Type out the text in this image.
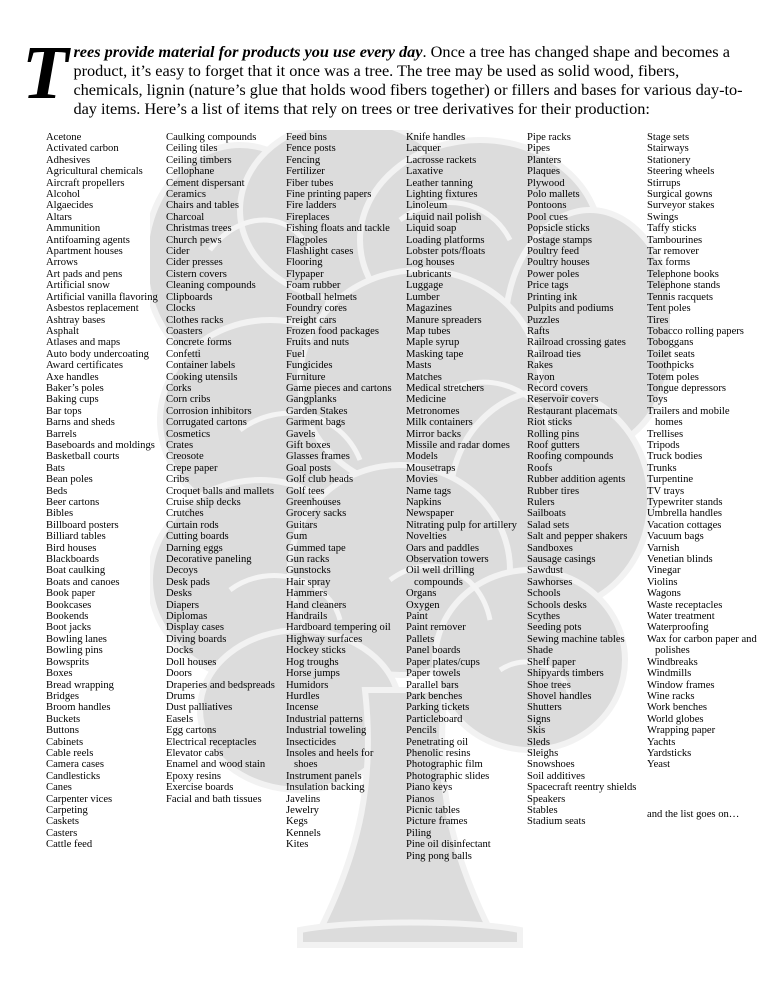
Trees provide material for products you use every day. Once a tree has changed shape and becomes a product, it’s easy to forget that it once was a tree. The tree may be used as solid wood, fibers, chemicals, lignin (nature’s glue that holds wood fibers together) or fillers and bases for various day-to-day items. Here’s a list of items that rely on trees or tree derivatives for their production:
Acetone
Activated carbon
Adhesives
Agricultural chemicals
Aircraft propellers
Alcohol
Algaecides
Altars
Ammunition
Antifoaming agents
Apartment houses
Arrows
Art pads and pens
Artificial snow
Artificial vanilla flavoring
Asbestos replacement
Ashtray bases
Asphalt
Atlases and maps
Auto body undercoating
Award certificates
Axe handles
Baker’s poles
Baking cups
Bar tops
Barns and sheds
Barrels
Baseboards and moldings
Basketball courts
Bats
Bean poles
Beds
Beer cartons
Bibles
Billboard posters
Billiard tables
Bird houses
Blackboards
Boat caulking
Boats and canoes
Book paper
Bookcases
Bookends
Boot jacks
Bowling lanes
Bowling pins
Bowsprits
Boxes
Bread wrapping
Bridges
Broom handles
Buckets
Buttons
Cabinets
Cable reels
Camera cases
Candlesticks
Canes
Carpenter vices
Carpeting
Caskets
Casters
Cattle feed
Caulking compounds
Ceiling tiles
Ceiling timbers
Cellophane
Cement dispersant
Ceramics
Chairs and tables
Charcoal
Christmas trees
Church pews
Cider
Cider presses
Cistern covers
Cleaning compounds
Clipboards
Clocks
Clothes racks
Coasters
Concrete forms
Confetti
Container labels
Cooking utensils
Corks
Corn cribs
Corrosion inhibitors
Corrugated cartons
Cosmetics
Crates
Creosote
Crepe paper
Cribs
Croquet balls and mallets
Cruise ship decks
Crutches
Curtain rods
Cutting boards
Darning eggs
Decorative paneling
Decoys
Desk pads
Desks
Diapers
Diplomas
Display cases
Diving boards
Docks
Doll houses
Doors
Draperies and bedspreads
Drums
Dust palliatives
Easels
Egg cartons
Electrical receptacles
Elevator cabs
Enamel and wood stain
Epoxy resins
Exercise boards
Facial and bath tissues
Feed bins
Fence posts
Fencing
Fertilizer
Fiber tubes
Fine printing papers
Fire ladders
Fireplaces
Fishing floats and tackle
Flagpoles
Flashlight cases
Flooring
Flypaper
Foam rubber
Football helmets
Foundry cores
Freight cars
Frozen food packages
Fruits and nuts
Fuel
Fungicides
Furniture
Game pieces and cartons
Gangplanks
Garden Stakes
Garment bags
Gavels
Gift boxes
Glasses frames
Goal posts
Golf club heads
Golf tees
Greenhouses
Grocery sacks
Guitars
Gum
Gummed tape
Gun racks
Gunstocks
Hair spray
Hammers
Hand cleaners
Handrails
Hardboard tempering oil
Highway surfaces
Hockey sticks
Hog troughs
Horse jumps
Humidors
Hurdles
Incense
Industrial patterns
Industrial toweling
Insecticides
Insoles and heels for shoes
Instrument panels
Insulation backing
Javelins
Jewelry
Kegs
Kennels
Kites
Knife handles
Lacquer
Lacrosse rackets
Laxative
Leather tanning
Lighting fixtures
Linoleum
Liquid nail polish
Liquid soap
Loading platforms
Lobster pots/floats
Log houses
Lubricants
Luggage
Lumber
Magazines
Manure spreaders
Map tubes
Maple syrup
Masking tape
Masts
Matches
Medical stretchers
Medicine
Metronomes
Milk containers
Mirror backs
Missile and radar domes
Models
Mousetraps
Movies
Name tags
Napkins
Newspaper
Nitrating pulp for artillery
Novelties
Oars and paddles
Observation towers
Oil well drilling compounds
Organs
Oxygen
Paint
Paint remover
Pallets
Panel boards
Paper plates/cups
Paper towels
Parallel bars
Park benches
Parking tickets
Particleboard
Pencils
Penetrating oil
Phenolic resins
Photographic film
Photographic slides
Piano keys
Pianos
Picnic tables
Picture frames
Piling
Pine oil disinfectant
Ping pong balls
Pipe racks
Pipes
Planters
Plaques
Plywood
Polo mallets
Pontoons
Pool cues
Popsicle sticks
Postage stamps
Poultry feed
Poultry houses
Power poles
Price tags
Printing ink
Pulpits and podiums
Puzzles
Rafts
Railroad crossing gates
Railroad ties
Rakes
Rayon
Record covers
Reservoir covers
Restaurant placemats
Riot sticks
Rolling pins
Roof gutters
Roofing compounds
Roofs
Rubber addition agents
Rubber tires
Rulers
Sailboats
Salad sets
Salt and pepper shakers
Sandboxes
Sausage casings
Sawdust
Sawhorses
Schools
Schools desks
Scythes
Seeding pots
Sewing machine tables
Shade
Shelf paper
Shipyards timbers
Shoe trees
Shovel handles
Shutters
Signs
Skis
Sleds
Sleighs
Snowshoes
Soil additives
Spacecraft reentry shields
Speakers
Stables
Stadium seats
Stage sets
Stairways
Stationery
Steering wheels
Stirrups
Surgical gowns
Surveyor stakes
Swings
Taffy sticks
Tambourines
Tar remover
Tax forms
Telephone books
Telephone stands
Tennis racquets
Tent poles
Tires
Tobacco rolling papers
Toboggans
Toilet seats
Toothpicks
Totem poles
Tongue depressors
Toys
Trailers and mobile homes
Trellises
Tripods
Truck bodies
Trunks
Turpentine
TV trays
Typewriter stands
Umbrella handles
Vacation cottages
Vacuum bags
Varnish
Venetian blinds
Vinegar
Violins
Wagons
Waste receptacles
Water treatment
Waterproofing
Wax for carbon paper and polishes
Windbreaks
Windmills
Window frames
Wine racks
Work benches
World globes
Wrapping paper
Yachts
Yardsticks
Yeast
and the list goes on…
